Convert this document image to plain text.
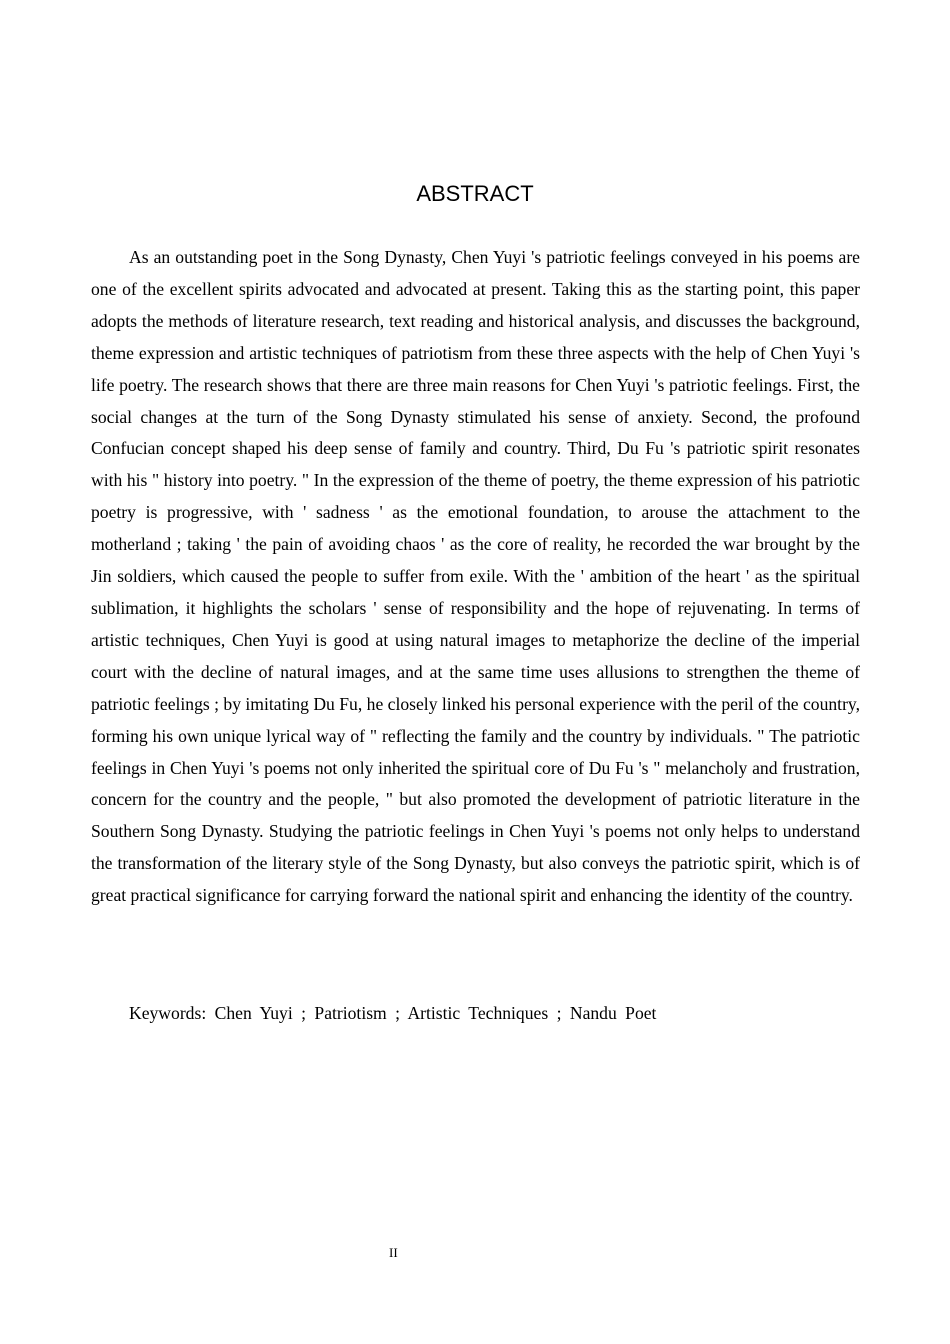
ABSTRACT

As an outstanding poet in the Song Dynasty, Chen Yuyi 's patriotic feelings conveyed in his poems are one of the excellent spirits advocated and advocated at present. Taking this as the starting point, this paper adopts the methods of literature research, text reading and historical analysis, and discusses the background, theme expression and artistic techniques of patriotism from these three aspects with the help of Chen Yuyi 's life poetry. The research shows that there are three main reasons for Chen Yuyi 's patriotic feelings. First, the social changes at the turn of the Song Dynasty stimulated his sense of anxiety. Second, the profound Confucian concept shaped his deep sense of family and country. Third, Du Fu 's patriotic spirit resonates with his " history into poetry. " In the expression of the theme of poetry, the theme expression of his patriotic poetry is progressive, with ' sadness ' as the emotional foundation, to arouse the attachment to the motherland ; taking ' the pain of avoiding chaos ' as the core of reality, he recorded the war brought by the Jin soldiers, which caused the people to suffer from exile. With the ' ambition of the heart ' as the spiritual sublimation, it highlights the scholars ' sense of responsibility and the hope of rejuvenating. In terms of artistic techniques, Chen Yuyi is good at using natural images to metaphorize the decline of the imperial court with the decline of natural images, and at the same time uses allusions to strengthen the theme of patriotic feelings ; by imitating Du Fu, he closely linked his personal experience with the peril of the country, forming his own unique lyrical way of " reflecting the family and the country by individuals. " The patriotic feelings in Chen Yuyi 's poems not only inherited the spiritual core of Du Fu 's " melancholy and frustration, concern for the country and the people, " but also promoted the development of patriotic literature in the Southern Song Dynasty. Studying the patriotic feelings in Chen Yuyi 's poems not only helps to understand the transformation of the literary style of the Song Dynasty, but also conveys the patriotic spirit, which is of great practical significance for carrying forward the national spirit and enhancing the identity of the country.

Keywords: Chen Yuyi ; Patriotism ; Artistic Techniques ; Nandu Poet

II
